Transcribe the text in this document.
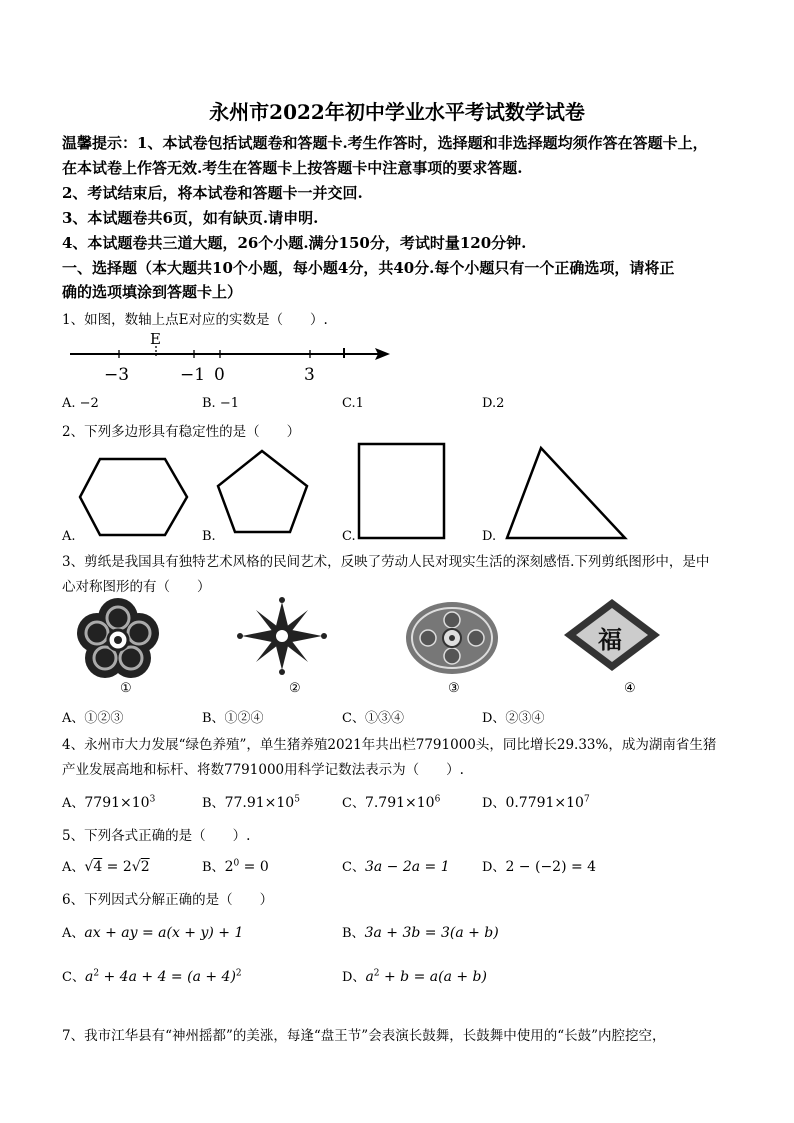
永州市2022年初中学业水平考试数学试卷
温馨提示：1、本试卷包括试题卷和答题卡.考生作答时，选择题和非选择题均须作答在答题卡上，
在本试卷上作答无效.考生在答题卡上按答题卡中注意事项的要求答题.
2、考试结束后，将本试卷和答题卡一并交回.
3、本试题卷共6页，如有缺页.请申明.
4、本试题卷共三道大题，26个小题.满分150分，考试时量120分钟.
一、选择题（本大题共10个小题，每小题4分，共40分.每个小题只有一个正确选项，请将正
确的选项填涂到答题卡上）
1、如图，数轴上点E对应的实数是（　　）.
E
−3	−1 0	3
A. −2	B. −1	C.1	D.2
2、下列多边形具有稳定性的是（　　）
A.	B.	C.	D.
3、剪纸是我国具有独特艺术风格的民间艺术，反映了劳动人民对现实生活的深刻感悟.下列剪纸图形中，是中
心对称图形的有（　　）
福
①	②	③	④
A、①②③	B、①②④	C、①③④	D、②③④
4、永州市大力发展“绿色养殖”，单生猪养殖2021年共出栏7791000头，同比增长29.33%，成为湖南省生猪
产业发展高地和标杆、将数7791000用科学记数法表示为（　　）.
A、$7791\times 10^3$	B、$77.91\times 10^5$	C、$7.791\times 10^6$	D、$0.7791\times 10^7$
5、下列各式正确的是（　　）.
A、√4 = 2√2	B、$2^0 = 0$	C、3a − 2a = 1 D、2 − (−2) = 4
6、下列因式分解正确的是（　　）
A、ax + ay = a(x + y) + 1	B、3a + 3b = 3(a + b)
C、$a^2 + 4a + 4 = (a + 4)^2$	D、$a^2 + b = a(a + b)$
7、我市江华县有“神州摇都”的美涨，每逢“盘王节”会表演长鼓舞，长鼓舞中使用的“长鼓”内腔挖空，
